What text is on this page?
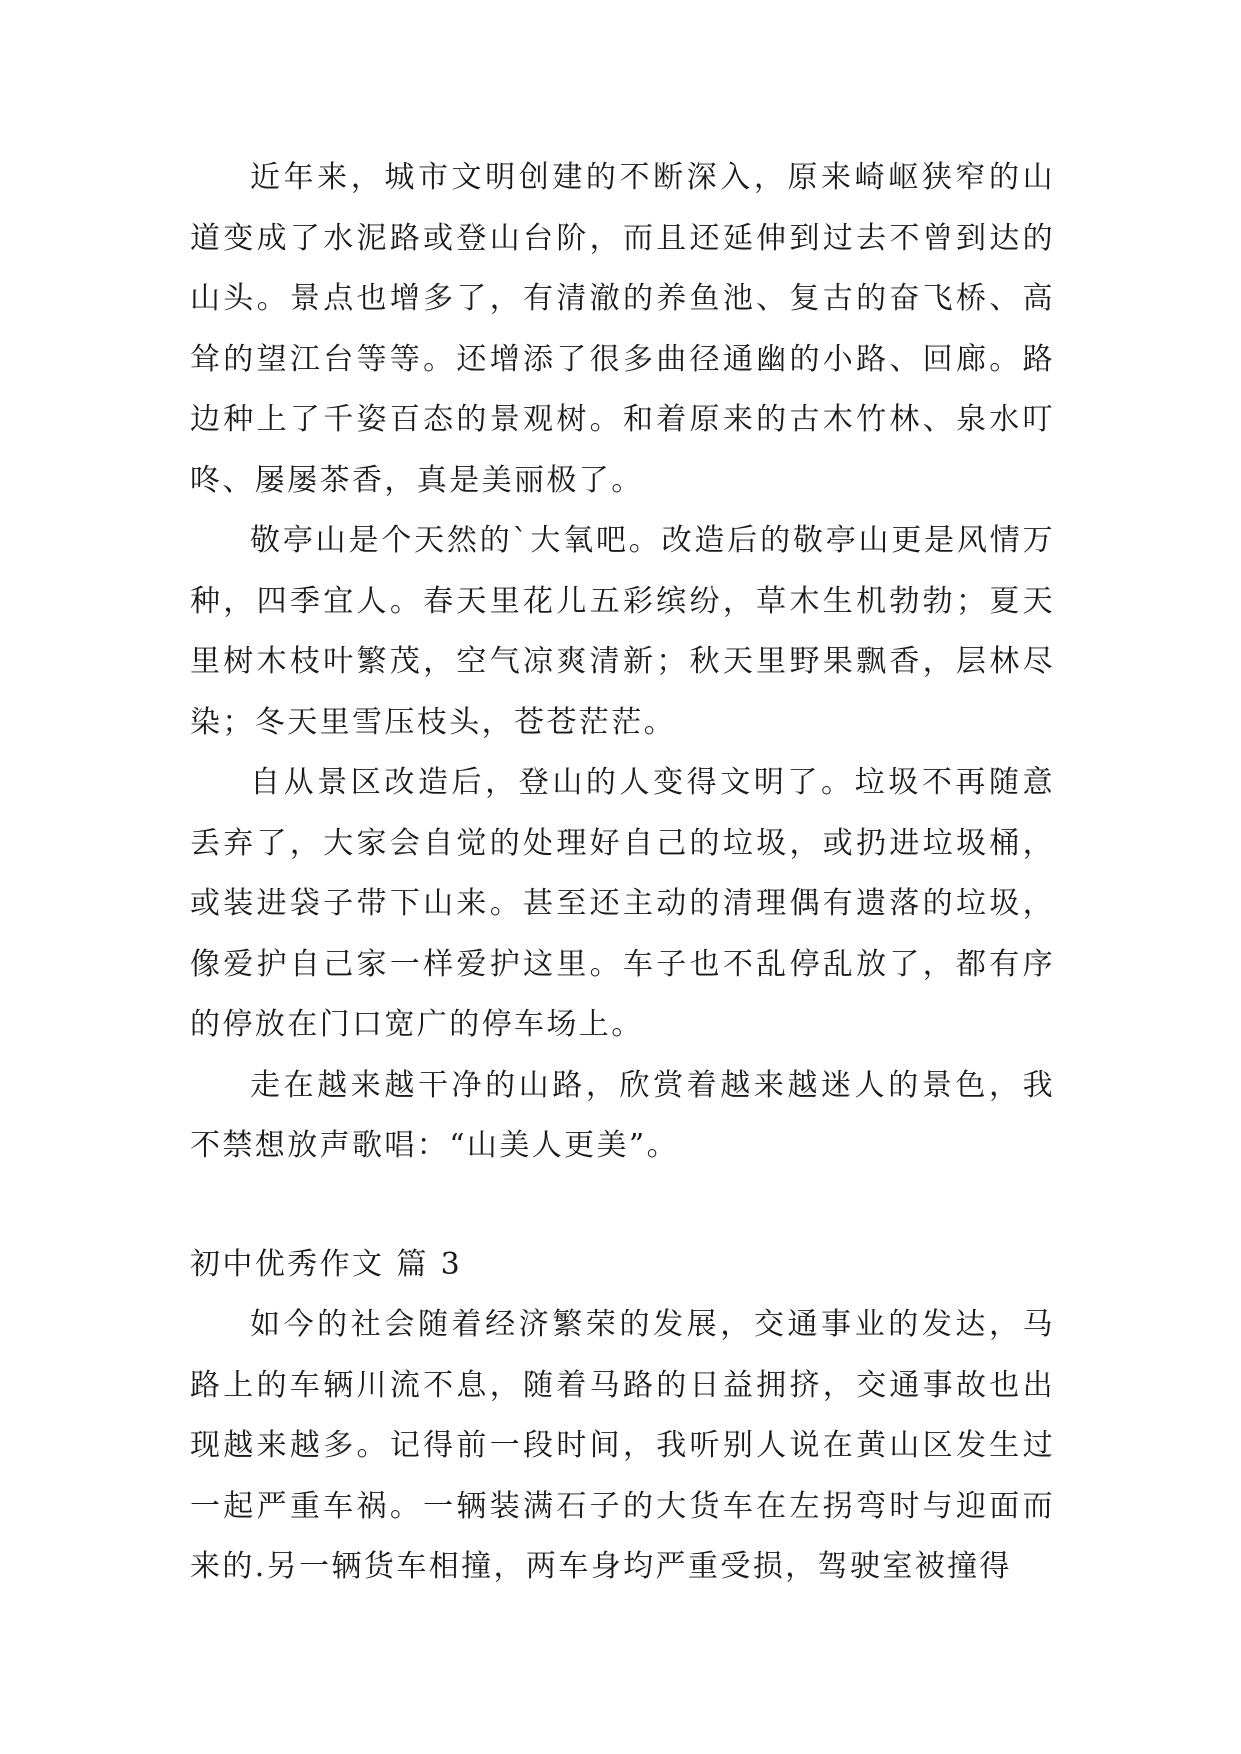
近年来，城市文明创建的不断深入，原来崎岖狭窄的山道变成了水泥路或登山台阶，而且还延伸到过去不曾到达的山头。景点也增多了，有清澈的养鱼池、复古的奋飞桥、高耸的望江台等等。还增添了很多曲径通幽的小路、回廊。路边种上了千姿百态的景观树。和着原来的古木竹林、泉水叮咚、屡屡茶香，真是美丽极了。

敬亭山是个天然的`大氧吧。改造后的敬亭山更是风情万种，四季宜人。春天里花儿五彩缤纷，草木生机勃勃；夏天里树木枝叶繁茂，空气凉爽清新；秋天里野果飘香，层林尽染；冬天里雪压枝头，苍苍茫茫。

自从景区改造后，登山的人变得文明了。垃圾不再随意丢弃了，大家会自觉的处理好自己的垃圾，或扔进垃圾桶，或装进袋子带下山来。甚至还主动的清理偶有遗落的垃圾，像爱护自己家一样爱护这里。车子也不乱停乱放了，都有序的停放在门口宽广的停车场上。

走在越来越干净的山路，欣赏着越来越迷人的景色，我不禁想放声歌唱：“山美人更美”。

初中优秀作文 篇 3

如今的社会随着经济繁荣的发展，交通事业的发达，马路上的车辆川流不息，随着马路的日益拥挤，交通事故也出现越来越多。记得前一段时间，我听别人说在黄山区发生过一起严重车祸。一辆装满石子的大货车在左拐弯时与迎面而来的.另一辆货车相撞，两车身均严重受损，驾驶室被撞得
